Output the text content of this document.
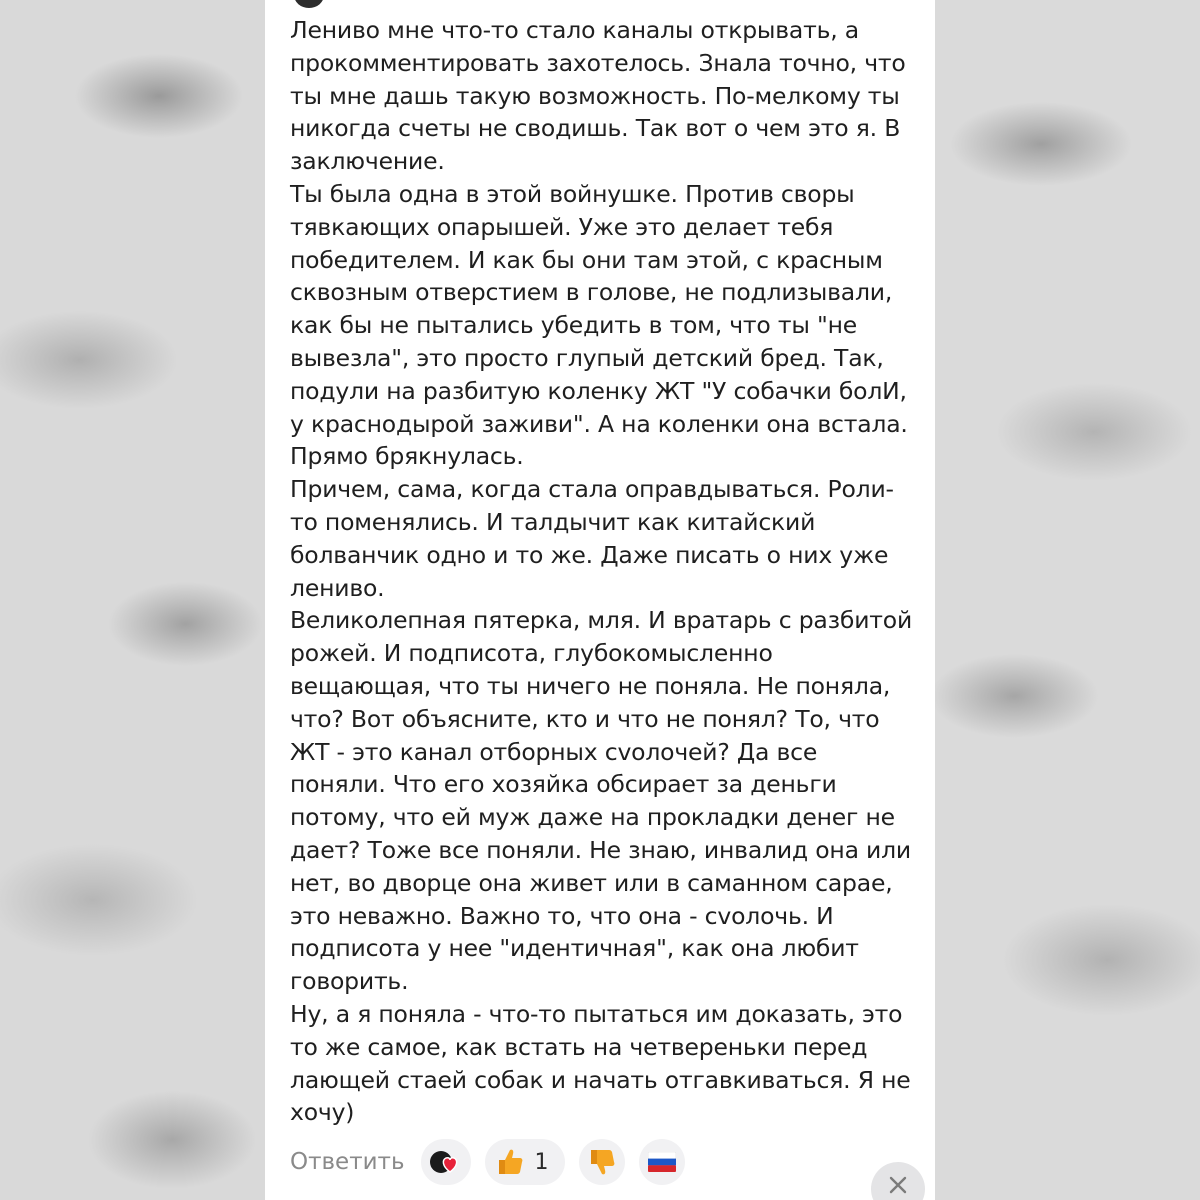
Лениво мне что-то стало каналы открывать, а прокомментировать захотелось. Знала точно, что ты мне дашь такую возможность. По-мелкому ты никогда счеты не сводишь. Так вот о чем это я. В заключение.

Ты была одна в этой войнушке. Против своры тявкающих опарышей. Уже это делает тебя победителем. И как бы они там этой, с красным сквозным отверстием в голове, не подлизывали, как бы не пытались убедить в том, что ты "не вывезла", это просто глупый детский бред. Так, подули на разбитую коленку ЖТ "У собачки болИ, у краснодырой заживи". А на коленки она встала. Прямо брякнулась.

Причем, сама, когда стала оправдываться. Роли-то поменялись. И талдычит как китайский болванчик одно и то же. Даже писать о них уже лениво.

Великолепная пятерка, мля. И вратарь с разбитой рожей. И подписота, глубокомысленно вещающая, что ты ничего не поняла. Не поняла, что? Вот объясните, кто и что не понял? То, что ЖТ - это канал отборных сvолочей? Да все поняли. Что его хозяйка обсирает за деньги потому, что ей муж даже на прокладки денег не дает? Тоже все поняли. Не знаю, инвалид она или нет, во дворце она живет или в саманном сарае, это неважно. Важно то, что она - сvолочь. И подписота у нее "идентичная", как она любит говорить.

Ну, а я поняла - что-то пытаться им доказать, это то же самое, как встать на четвереньки перед лающей стаей собак и начать отгавкиваться. Я не хочу)

Ответить	1
